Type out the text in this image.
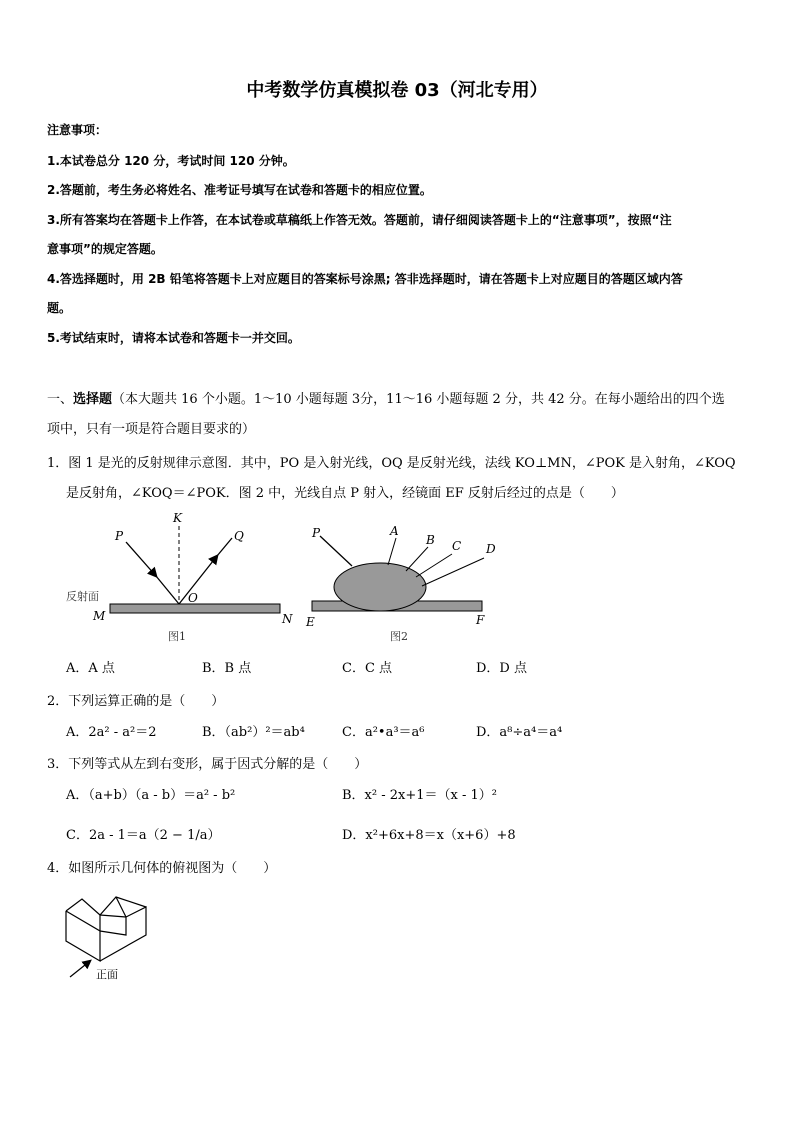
中考数学仿真模拟卷 03（河北专用）
注意事项：
1.本试卷总分 120 分，考试时间 120 分钟。
2.答题前，考生务必将姓名、准考证号填写在试卷和答题卡的相应位置。
3.所有答案均在答题卡上作答，在本试卷或草稿纸上作答无效。答题前，请仔细阅读答题卡上的“注意事项”，按照“注
意事项”的规定答题。
4.答选择题时，用 2B 铅笔将答题卡上对应题目的答案标号涂黑; 答非选择题时，请在答题卡上对应题目的答题区域内答
题。
5.考试结束时，请将本试卷和答题卡一并交回。
一、选择题（本大题共 16 个小题。1～10 小题每题 3分，11～16 小题每题 2 分，共 42 分。在每小题给出的四个选
项中，只有一项是符合题目要求的）
1．图 1 是光的反射规律示意图．其中，PO 是入射光线，OQ 是反射光线，法线 KO⊥MN，∠POK 是入射角，∠KOQ
是反射角，∠KOQ＝∠POK．图 2 中，光线自点 P 射入，经镜面 EF 反射后经过的点是（　　）
K
P	Q
O
反射面
M	N
图1
P	A
B C D
E	F
图2
A．A 点	B．B 点	C．C 点	D．D 点
2．下列运算正确的是（　　）
A．2a² - a²＝2	B．（ab²）²＝ab⁴	C．a²•a³＝a⁶	D．a⁸÷a⁴＝a⁴
3．下列等式从左到右变形，属于因式分解的是（　　）
A．（a+b）（a - b）＝a² - b²	B．x² - 2x+1＝（x - 1）²
C．2a - 1＝a（2 − 1/a）	D．x²+6x+8＝x（x+6）+8
4．如图所示几何体的俯视图为（　　）
正面
